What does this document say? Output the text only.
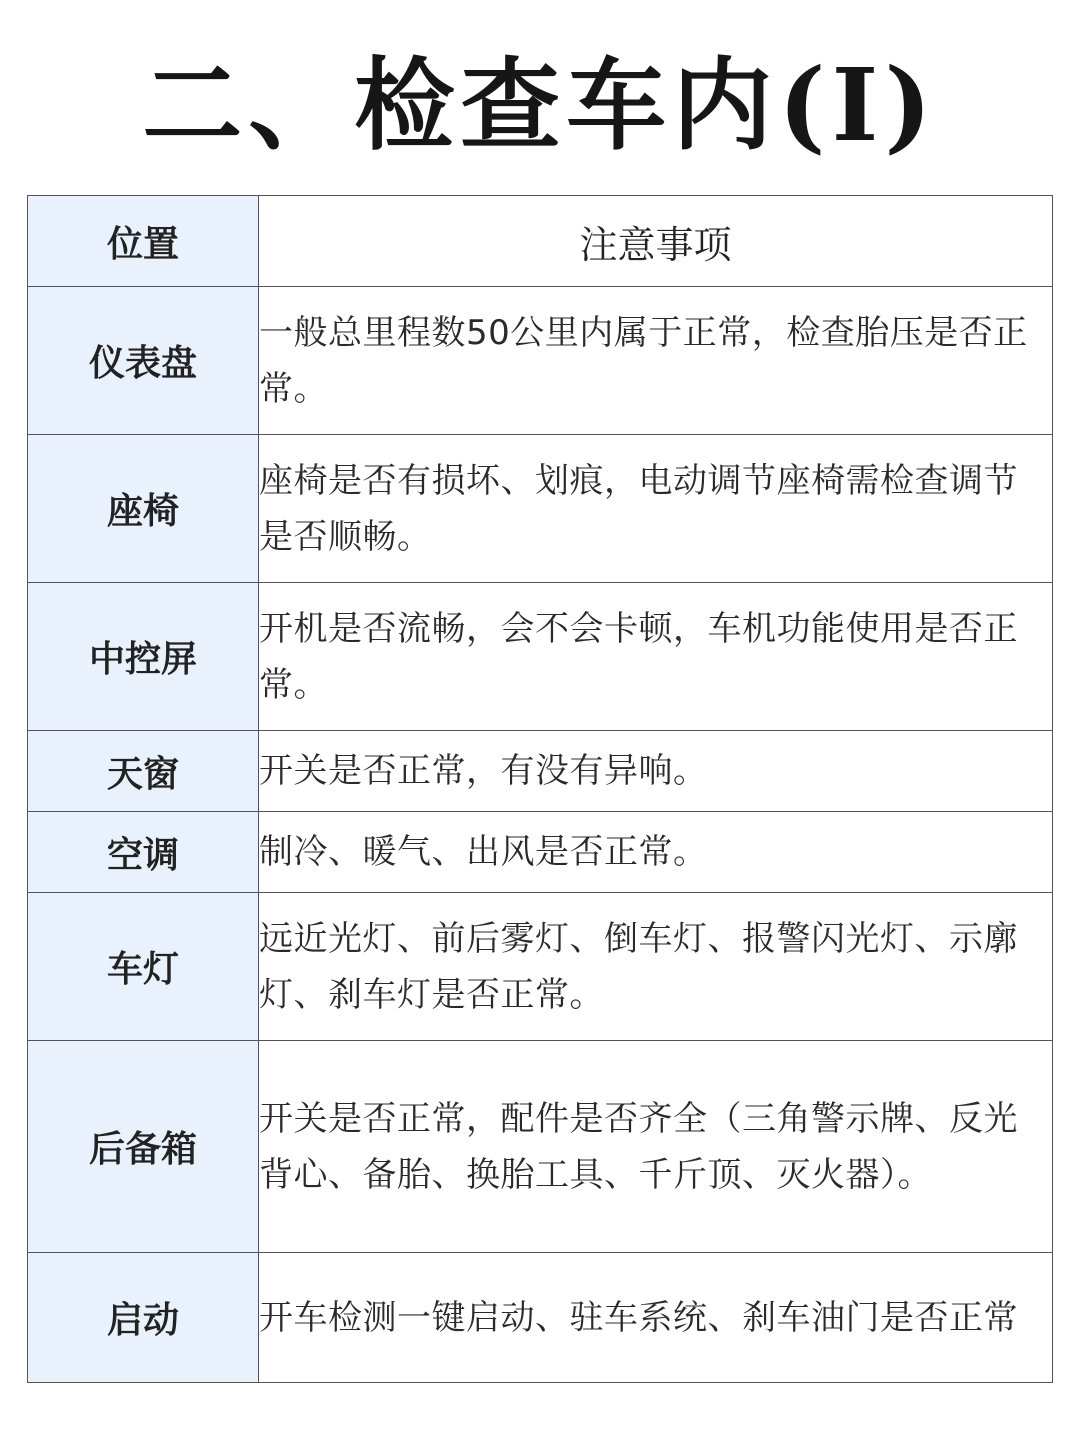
二、检查车内(I)
位置	注意事项
仪表盘	一般总里程数50公里内属于正常，检查胎压是否正常。
座椅	座椅是否有损坏、划痕，电动调节座椅需检查调节是否顺畅。
中控屏	开机是否流畅，会不会卡顿，车机功能使用是否正常。
天窗	开关是否正常，有没有异响。
空调	制冷、暖气、出风是否正常。
车灯	远近光灯、前后雾灯、倒车灯、报警闪光灯、示廓灯、刹车灯是否正常。
后备箱	开关是否正常，配件是否齐全（三角警示牌、反光背心、备胎、换胎工具、千斤顶、灭火器）。
启动	开车检测一键启动、驻车系统、刹车油门是否正常
